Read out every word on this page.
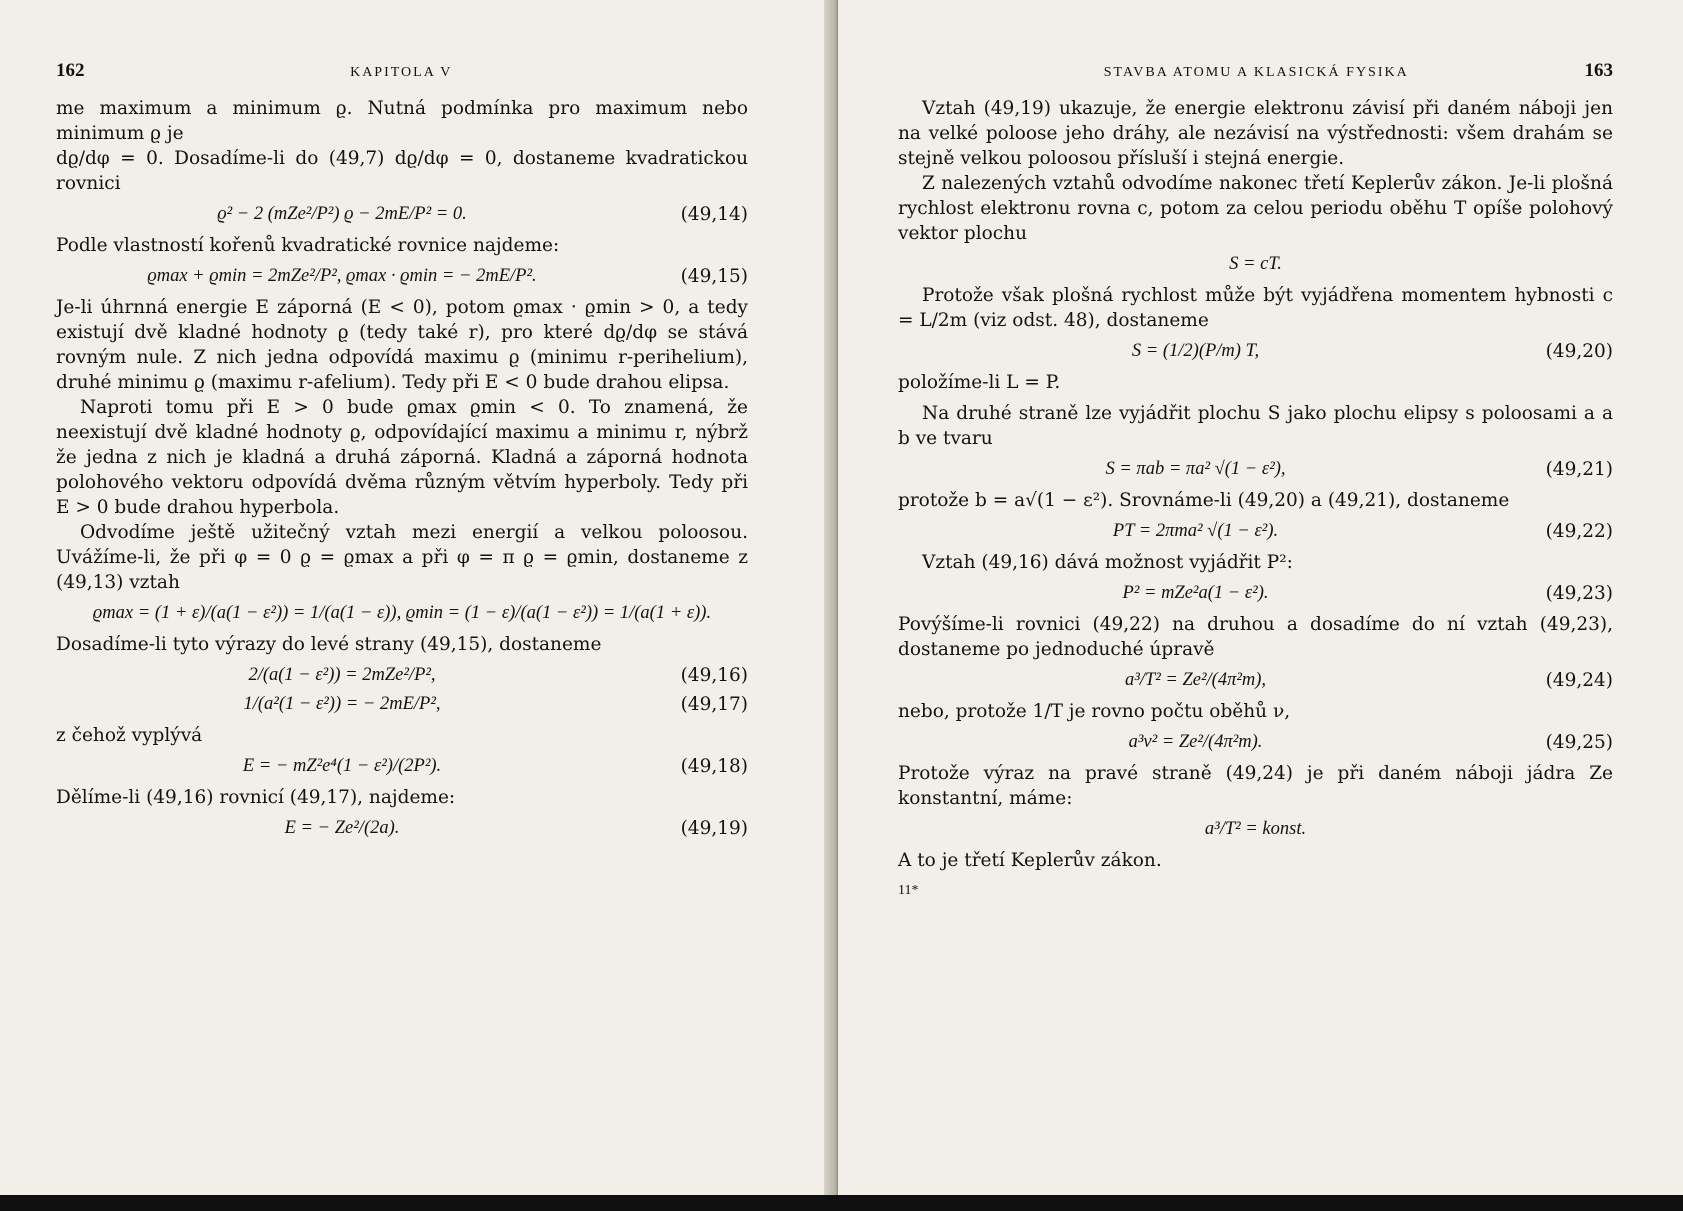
162	KAPITOLA V

me maximum a minimum ϱ. Nutná podmínka pro maximum nebo minimum ϱ je

dϱ/dφ = 0. Dosadíme-li do (49,7) dϱ/dφ = 0, dostaneme kvadratickou rovnici

ϱ² − 2 (mZe²/P²) ϱ − 2mE/P² = 0.	(49,14)

Podle vlastností kořenů kvadratické rovnice najdeme:

ϱmax + ϱmin = 2mZe²/P², ϱmax · ϱmin = − 2mE/P².	(49,15)

Je-li úhrnná energie E záporná (E < 0), potom ϱmax · ϱmin > 0, a tedy existují dvě kladné hodnoty ϱ (tedy také r), pro které dϱ/dφ se stává rovným nule. Z nich jedna odpovídá maximu ϱ (minimu r-perihelium), druhé minimu ϱ (maximu r-afelium). Tedy při E < 0 bude drahou elipsa.

Naproti tomu při E > 0 bude ϱmax ϱmin < 0. To znamená, že neexistují dvě kladné hodnoty ϱ, odpovídající maximu a minimu r, nýbrž že jedna z nich je kladná a druhá záporná. Kladná a záporná hodnota polohového vektoru odpovídá dvěma různým větvím hyperboly. Tedy při E > 0 bude drahou hyperbola.

Odvodíme ještě užitečný vztah mezi energií a velkou poloosou. Uvážíme-li, že při φ = 0 ϱ = ϱmax a při φ = π ϱ = ϱmin, dostaneme z (49,13) vztah

ϱmax = (1 + ε)/(a(1 − ε²)) = 1/(a(1 − ε)), ϱmin = (1 − ε)/(a(1 − ε²)) = 1/(a(1 + ε)).

Dosadíme-li tyto výrazy do levé strany (49,15), dostaneme

2/(a(1 − ε²)) = 2mZe²/P²,	(49,16)
1/(a²(1 − ε²)) = − 2mE/P²,	(49,17)

z čehož vyplývá

E = − mZ²e⁴(1 − ε²)/(2P²).	(49,18)

Dělíme-li (49,16) rovnicí (49,17), najdeme:

E = − Ze²/(2a).	(49,19)
STAVBA ATOMU A KLASICKÁ FYSIKA	163

Vztah (49,19) ukazuje, že energie elektronu závisí při daném náboji jen na velké poloose jeho dráhy, ale nezávisí na výstřednosti: všem drahám se stejně velkou poloosou přísluší i stejná energie.

Z nalezených vztahů odvodíme nakonec třetí Keplerův zákon. Je-li plošná rychlost elektronu rovna c, potom za celou periodu oběhu T opíše polohový vektor plochu

S = cT.

Protože však plošná rychlost může být vyjádřena momentem hybnosti c = L/2m (viz odst. 48), dostaneme

S = (1/2)(P/m) T,	(49,20)

položíme-li L = P.

Na druhé straně lze vyjádřit plochu S jako plochu elipsy s poloosami a a b ve tvaru

S = πab = πa² √(1 − ε²),	(49,21)

protože b = a√(1 − ε²). Srovnáme-li (49,20) a (49,21), dostaneme

PT = 2πma² √(1 − ε²).	(49,22)

Vztah (49,16) dává možnost vyjádřit P²:

P² = mZe²a(1 − ε²).	(49,23)

Povýšíme-li rovnici (49,22) na druhou a dosadíme do ní vztah (49,23), dostaneme po jednoduché úpravě

a³/T² = Ze²/(4π²m),	(49,24)

nebo, protože 1/T je rovno počtu oběhů ν,

a³ν² = Ze²/(4π²m).	(49,25)

Protože výraz na pravé straně (49,24) je při daném náboji jádra Ze konstantní, máme:

a³/T² = konst.

A to je třetí Keplerův zákon.

11*
